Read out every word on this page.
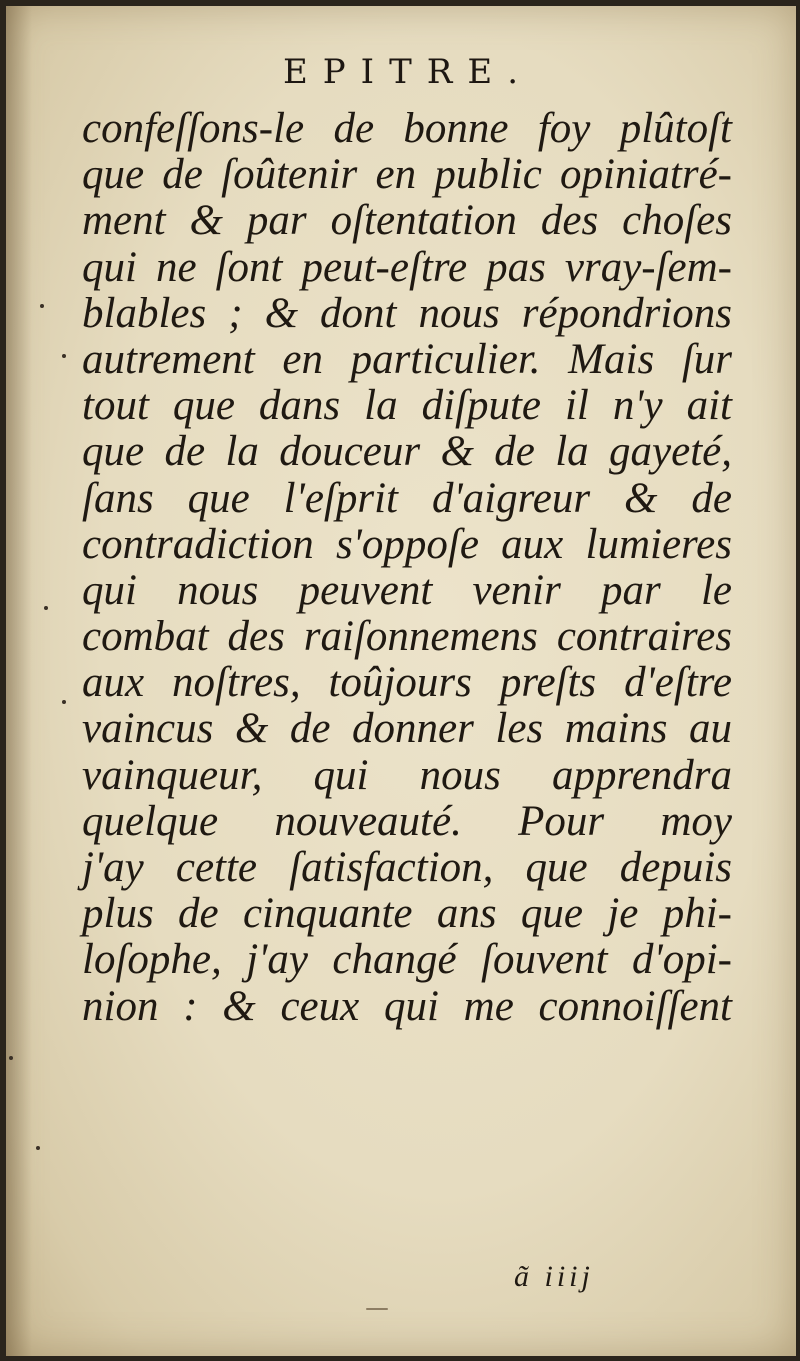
EPITRE.
confeſſons-le de bonne foy plûtoſt
que de ſoûtenir en public opiniatré-
ment & par oſtentation des choſes
qui ne ſont peut-eſtre pas vray-ſem-
blables ; & dont nous répondrions
autrement en particulier. Mais ſur
tout que dans la diſpute il n'y ait
que de la douceur & de la gayeté,
ſans que l'eſprit d'aigreur & de
contradiction s'oppoſe aux lumieres
qui nous peuvent venir par le
combat des raiſonnemens contraires
aux noſtres, toûjours preſts d'eſtre
vaincus & de donner les mains au
vainqueur, qui nous apprendra
quelque nouveauté. Pour moy
j'ay cette ſatisfaction, que depuis
plus de cinquante ans que je phi-
loſophe, j'ay changé ſouvent d'opi-
nion : & ceux qui me connoiſſent
ã iiij
